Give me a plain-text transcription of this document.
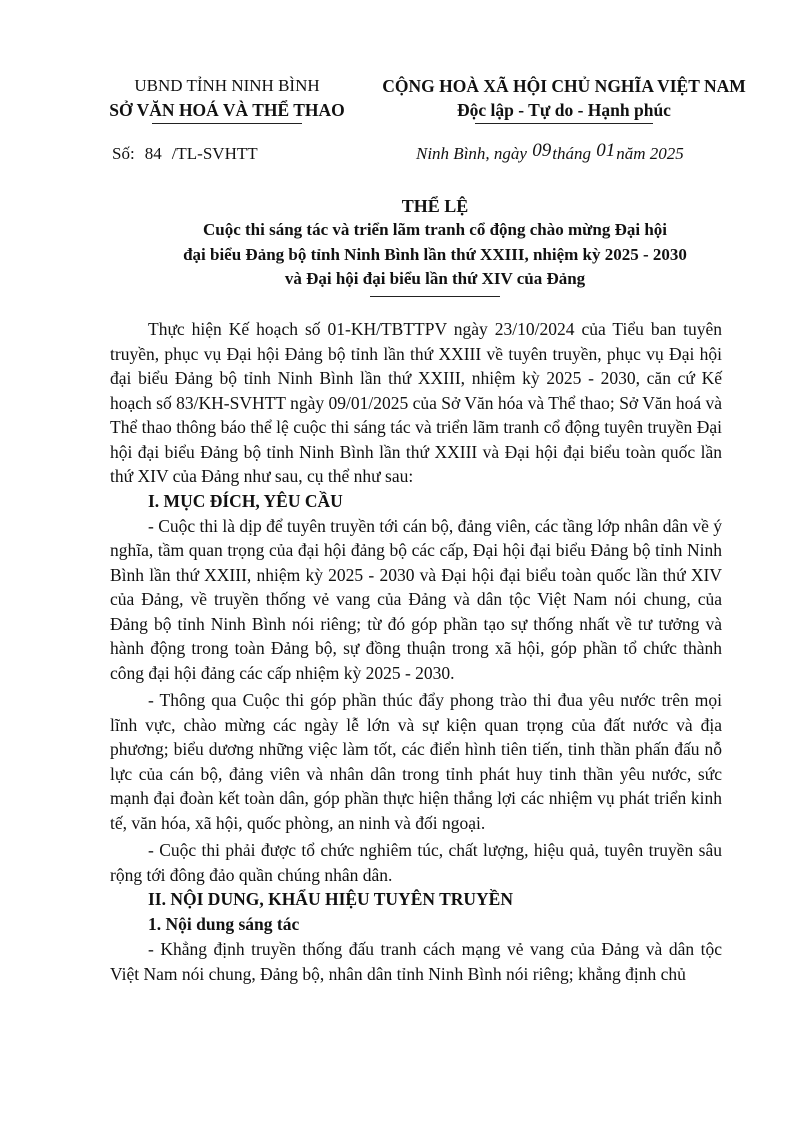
UBND TỈNH NINH BÌNH
SỞ VĂN HOÁ VÀ THỂ THAO
CỘNG HOÀ XÃ HỘI CHỦ NGHĨA VIỆT NAM
Độc lập - Tự do - Hạnh phúc
Số: 84 /TL-SVHTT	Ninh Bình, ngày 09tháng 01năm 2025
THỂ LỆ
Cuộc thi sáng tác và triển lãm tranh cổ động chào mừng Đại hội
đại biểu Đảng bộ tỉnh Ninh Bình lần thứ XXIII, nhiệm kỳ 2025 - 2030
và Đại hội đại biểu lần thứ XIV của Đảng

Thực hiện Kế hoạch số 01-KH/TBTTPV ngày 23/10/2024 của Tiểu ban tuyên truyền, phục vụ Đại hội Đảng bộ tỉnh lần thứ XXIII về tuyên truyền, phục vụ Đại hội đại biểu Đảng bộ tỉnh Ninh Bình lần thứ XXIII, nhiệm kỳ 2025 - 2030, căn cứ Kế hoạch số 83/KH-SVHTT ngày 09/01/2025 của Sở Văn hóa và Thể thao; Sở Văn hoá và Thể thao thông báo thể lệ cuộc thi sáng tác và triển lãm tranh cổ động tuyên truyền Đại hội đại biểu Đảng bộ tỉnh Ninh Bình lần thứ XXIII và Đại hội đại biểu toàn quốc lần thứ XIV của Đảng như sau, cụ thể như sau:

I. MỤC ĐÍCH, YÊU CẦU

- Cuộc thi là dịp để tuyên truyền tới cán bộ, đảng viên, các tầng lớp nhân dân về ý nghĩa, tầm quan trọng của đại hội đảng bộ các cấp, Đại hội đại biểu Đảng bộ tỉnh Ninh Bình lần thứ XXIII, nhiệm kỳ 2025 - 2030 và Đại hội đại biểu toàn quốc lần thứ XIV của Đảng, về truyền thống vẻ vang của Đảng và dân tộc Việt Nam nói chung, của Đảng bộ tỉnh Ninh Bình nói riêng; từ đó góp phần tạo sự thống nhất về tư tưởng và hành động trong toàn Đảng bộ, sự đồng thuận trong xã hội, góp phần tổ chức thành công đại hội đảng các cấp nhiệm kỳ 2025 - 2030.

- Thông qua Cuộc thi góp phần thúc đẩy phong trào thi đua yêu nước trên mọi lĩnh vực, chào mừng các ngày lễ lớn và sự kiện quan trọng của đất nước và địa phương; biểu dương những việc làm tốt, các điển hình tiên tiến, tinh thần phấn đấu nỗ lực của cán bộ, đảng viên và nhân dân trong tỉnh phát huy tinh thần yêu nước, sức mạnh đại đoàn kết toàn dân, góp phần thực hiện thắng lợi các nhiệm vụ phát triển kinh tế, văn hóa, xã hội, quốc phòng, an ninh và đối ngoại.

- Cuộc thi phải được tổ chức nghiêm túc, chất lượng, hiệu quả, tuyên truyền sâu rộng tới đông đảo quần chúng nhân dân.

II. NỘI DUNG, KHẨU HIỆU TUYÊN TRUYỀN
1. Nội dung sáng tác

- Khẳng định truyền thống đấu tranh cách mạng vẻ vang của Đảng và dân tộc Việt Nam nói chung, Đảng bộ, nhân dân tỉnh Ninh Bình nói riêng; khẳng định chủ
